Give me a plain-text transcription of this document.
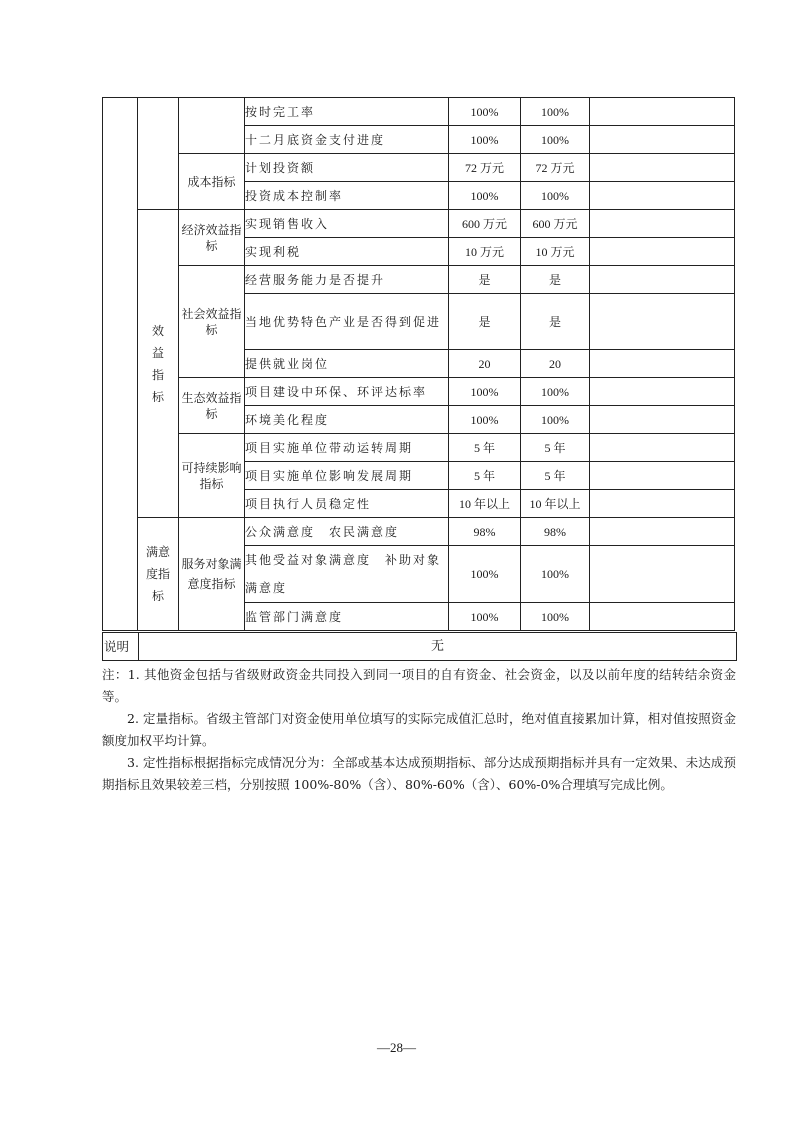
			按时完工率	100%	100%	
			十二月底资金支付进度	100%	100%	
		成本指标	计划投资额	72 万元	72 万元	
			投资成本控制率	100%	100%	
	效益指标	经济效益指标	实现销售收入	600 万元	600 万元	
			实现利税	10 万元	10 万元	
		社会效益指标	经营服务能力是否提升	是	是	
			当地优势特色产业是否得到促进	是	是	
			提供就业岗位	20	20	
		生态效益指标	项目建设中环保、环评达标率	100%	100%	
			环境美化程度	100%	100%	
		可持续影响指标	项目实施单位带动运转周期	5 年	5 年	
			项目实施单位影响发展周期	5 年	5 年	
			项目执行人员稳定性	10 年以上	10 年以上	
	满意度指标	服务对象满意度指标	公众满意度　农民满意度	98%	98%	
			其他受益对象满意度　补助对象满意度	100%	100%	
			监管部门满意度	100%	100%	
说明	无

注：1. 其他资金包括与省级财政资金共同投入到同一项目的自有资金、社会资金，以及以前年度的结转结余资金等。

2. 定量指标。省级主管部门对资金使用单位填写的实际完成值汇总时，绝对值直接累加计算，相对值按照资金额度加权平均计算。

3. 定性指标根据指标完成情况分为：全部或基本达成预期指标、部分达成预期指标并具有一定效果、未达成预期指标且效果较差三档，分别按照 100%-80%（含）、80%-60%（含）、60%-0%合理填写完成比例。

—28—
